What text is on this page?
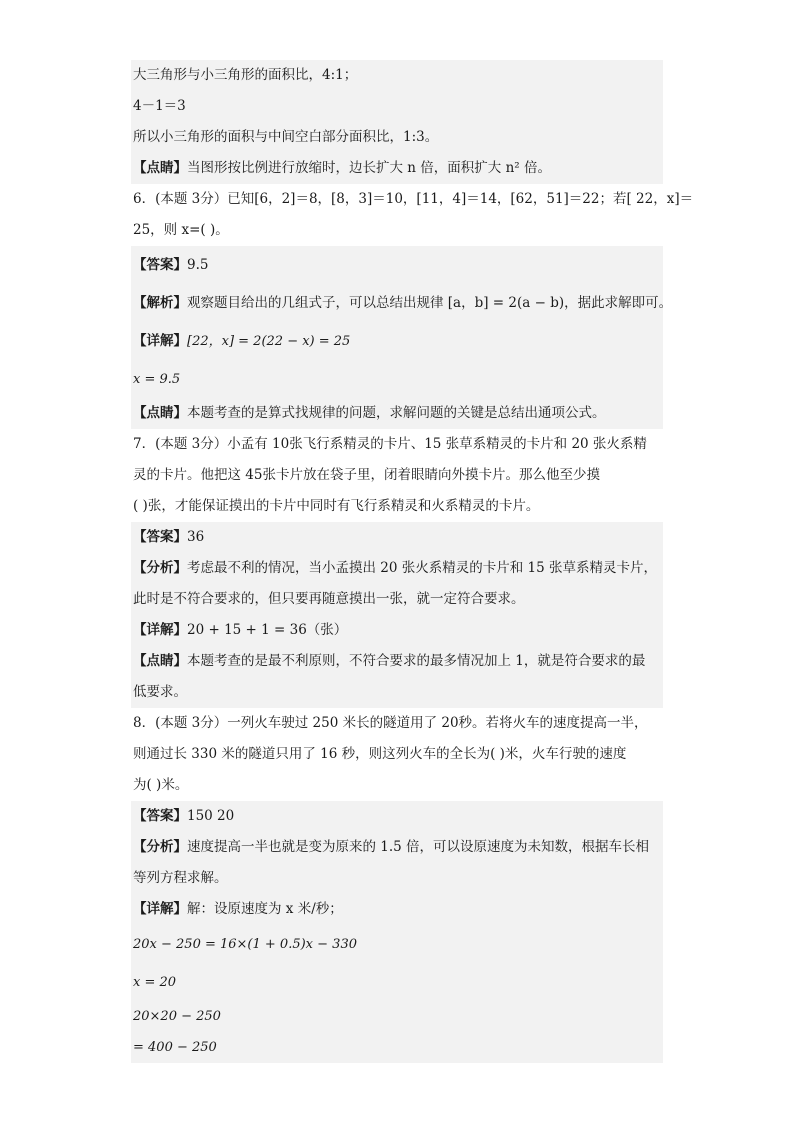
大三角形与小三角形的面积比，4:1；
4－1＝3
所以小三角形的面积与中间空白部分面积比，1:3。
【点睛】当图形按比例进行放缩时，边长扩大 n 倍，面积扩大 n² 倍。
6．(本题 3分）已知[6，2]＝8，[8，3]＝10，[11，4]＝14，[62，51]＝22；若[ 22，x]＝
25，则 x=( )。
【答案】9.5
【解析】观察题目给出的几组式子，可以总结出规律 [a，b] = 2(a − b)，据此求解即可。
【详解】[22，x] = 2(22 − x) = 25
x = 9.5
【点睛】本题考查的是算式找规律的问题，求解问题的关键是总结出通项公式。
7．(本题 3分）小孟有 10张飞行系精灵的卡片、15 张草系精灵的卡片和 20 张火系精
灵的卡片。他把这 45张卡片放在袋子里，闭着眼睛向外摸卡片。那么他至少摸
( )张，才能保证摸出的卡片中同时有飞行系精灵和火系精灵的卡片。
【答案】36
【分析】考虑最不利的情况，当小孟摸出 20 张火系精灵的卡片和 15 张草系精灵卡片，
此时是不符合要求的，但只要再随意摸出一张，就一定符合要求。
【详解】20 + 15 + 1 = 36（张）
【点睛】本题考查的是最不利原则，不符合要求的最多情况加上 1，就是符合要求的最
低要求。
8．(本题 3分）一列火车驶过 250 米长的隧道用了 20秒。若将火车的速度提高一半，
则通过长 330 米的隧道只用了 16 秒，则这列火车的全长为( )米，火车行驶的速度
为( )米。
【答案】150 20
【分析】速度提高一半也就是变为原来的 1.5 倍，可以设原速度为未知数，根据车长相
等列方程求解。
【详解】解：设原速度为 x 米/秒；
20x − 250 = 16×(1 + 0.5)x − 330
x = 20
20×20 − 250
= 400 − 250
